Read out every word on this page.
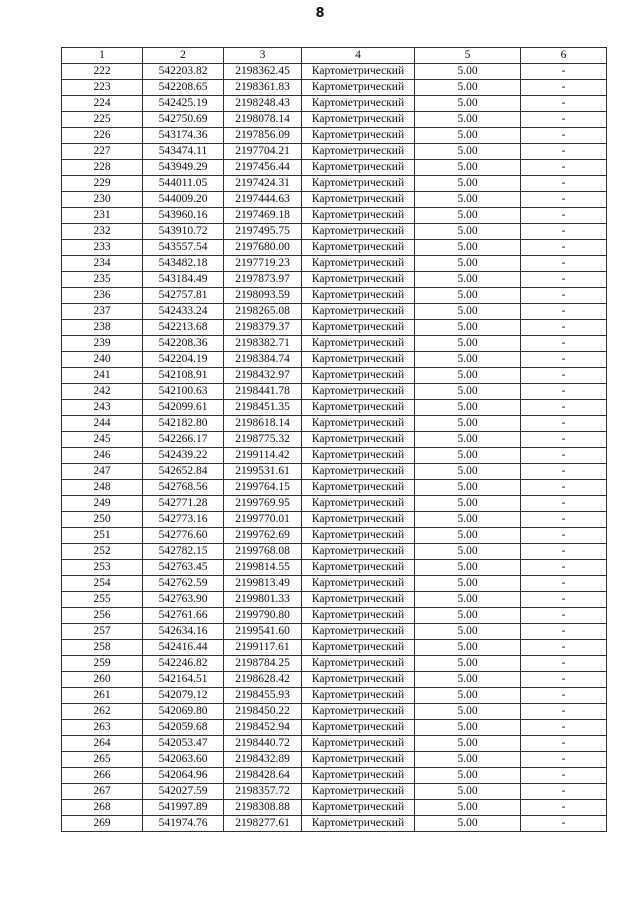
8
1	2	3	4	5	6
222	542203.82	2198362.45	Картометрический	5.00	-
223	542208.65	2198361.83	Картометрический	5.00	-
224	542425.19	2198248.43	Картометрический	5.00	-
225	542750.69	2198078.14	Картометрический	5.00	-
226	543174.36	2197856.09	Картометрический	5.00	-
227	543474.11	2197704.21	Картометрический	5.00	-
228	543949.29	2197456.44	Картометрический	5.00	-
229	544011.05	2197424.31	Картометрический	5.00	-
230	544009.20	2197444.63	Картометрический	5.00	-
231	543960.16	2197469.18	Картометрический	5.00	-
232	543910.72	2197495.75	Картометрический	5.00	-
233	543557.54	2197680.00	Картометрический	5.00	-
234	543482.18	2197719.23	Картометрический	5.00	-
235	543184.49	2197873.97	Картометрический	5.00	-
236	542757.81	2198093.59	Картометрический	5.00	-
237	542433.24	2198265.08	Картометрический	5.00	-
238	542213.68	2198379.37	Картометрический	5.00	-
239	542208.36	2198382.71	Картометрический	5.00	-
240	542204.19	2198384.74	Картометрический	5.00	-
241	542108.91	2198432.97	Картометрический	5.00	-
242	542100.63	2198441.78	Картометрический	5.00	-
243	542099.61	2198451.35	Картометрический	5.00	-
244	542182.80	2198618.14	Картометрический	5.00	-
245	542266.17	2198775.32	Картометрический	5.00	-
246	542439.22	2199114.42	Картометрический	5.00	-
247	542652.84	2199531.61	Картометрический	5.00	-
248	542768.56	2199764.15	Картометрический	5.00	-
249	542771.28	2199769.95	Картометрический	5.00	-
250	542773.16	2199770.01	Картометрический	5.00	-
251	542776.60	2199762.69	Картометрический	5.00	-
252	542782.15	2199768.08	Картометрический	5.00	-
253	542763.45	2199814.55	Картометрический	5.00	-
254	542762.59	2199813.49	Картометрический	5.00	-
255	542763.90	2199801.33	Картометрический	5.00	-
256	542761.66	2199790.80	Картометрический	5.00	-
257	542634.16	2199541.60	Картометрический	5.00	-
258	542416.44	2199117.61	Картометрический	5.00	-
259	542246.82	2198784.25	Картометрический	5.00	-
260	542164.51	2198628.42	Картометрический	5.00	-
261	542079.12	2198455.93	Картометрический	5.00	-
262	542069.80	2198450.22	Картометрический	5.00	-
263	542059.68	2198452.94	Картометрический	5.00	-
264	542053.47	2198440.72	Картометрический	5.00	-
265	542063.60	2198432.89	Картометрический	5.00	-
266	542064.96	2198428.64	Картометрический	5.00	-
267	542027.59	2198357.72	Картометрический	5.00	-
268	541997.89	2198308.88	Картометрический	5.00	-
269	541974.76	2198277.61	Картометрический	5.00	-
